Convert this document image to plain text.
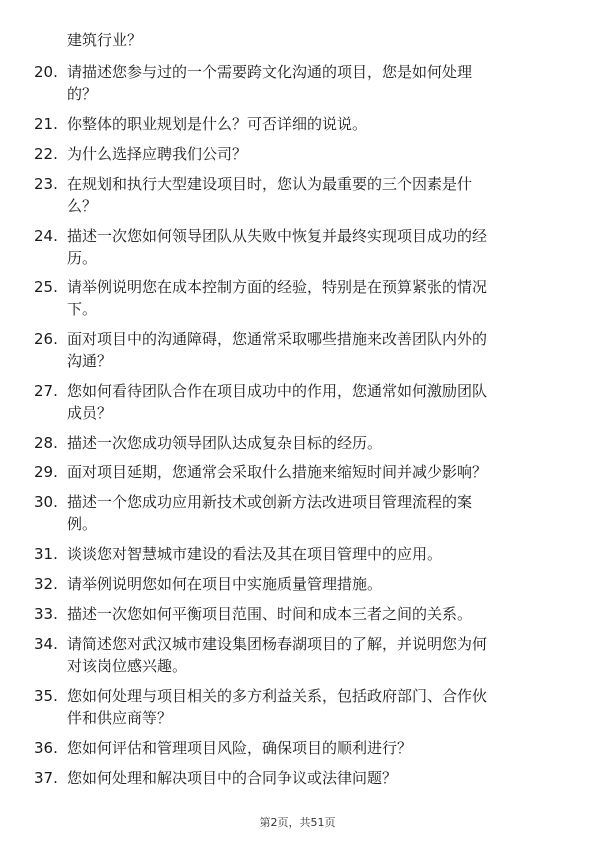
建筑行业？
20. 请描述您参与过的一个需要跨文化沟通的项目，您是如何处理
的？
21. 你整体的职业规划是什么？可否详细的说说。
22. 为什么选择应聘我们公司？
23. 在规划和执行大型建设项目时，您认为最重要的三个因素是什
么？
24. 描述一次您如何领导团队从失败中恢复并最终实现项目成功的经
历。
25. 请举例说明您在成本控制方面的经验，特别是在预算紧张的情况
下。
26. 面对项目中的沟通障碍，您通常采取哪些措施来改善团队内外的
沟通？
27. 您如何看待团队合作在项目成功中的作用，您通常如何激励团队
成员？
28. 描述一次您成功领导团队达成复杂目标的经历。
29. 面对项目延期，您通常会采取什么措施来缩短时间并减少影响？
30. 描述一个您成功应用新技术或创新方法改进项目管理流程的案
例。
31. 谈谈您对智慧城市建设的看法及其在项目管理中的应用。
32. 请举例说明您如何在项目中实施质量管理措施。
33. 描述一次您如何平衡项目范围、时间和成本三者之间的关系。
34. 请简述您对武汉城市建设集团杨春湖项目的了解，并说明您为何
对该岗位感兴趣。
35. 您如何处理与项目相关的多方利益关系，包括政府部门、合作伙
伴和供应商等？
36. 您如何评估和管理项目风险，确保项目的顺利进行？
37. 您如何处理和解决项目中的合同争议或法律问题？
第2页，共51页
